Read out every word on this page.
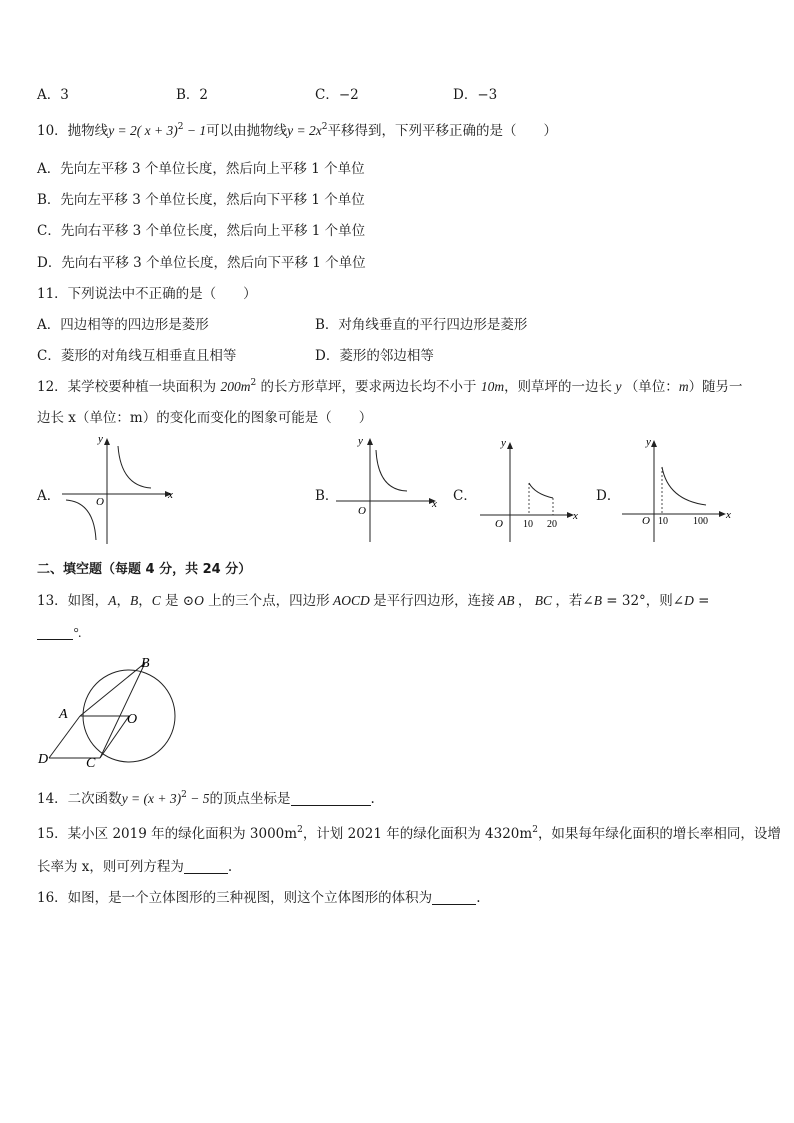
A．3	B．2	C．−2	D．−3
10．抛物线y = 2( x + 3)$^2$ − 1可以由抛物线$y = 2x^2$平移得到，下列平移正确的是（　　）
A．先向左平移 3 个单位长度，然后向上平移 1 个单位
B．先向左平移 3 个单位长度，然后向下平移 1 个单位
C．先向右平移 3 个单位长度，然后向上平移 1 个单位
D．先向右平移 3 个单位长度，然后向下平移 1 个单位
11．下列说法中不正确的是（　　）
A．四边相等的四边形是菱形	B．对角线垂直的平行四边形是菱形
C．菱形的对角线互相垂直且相等	D．菱形的邻边相等
12．某学校要种植一块面积为 $200m^2$ 的长方形草坪，要求两边长均不小于 10m，则草坪的一边长 y （单位：m）随另一
边长 x（单位：m）的变化而变化的图象可能是（　　）
A．	x
y
O	B．	x
y
O
C．
x
y
O 10 20
D．
x
y
O 10	100
二、填空题（每题 4 分，共 24 分）
13．如图，A，B，C 是 ⊙O 上的三个点，四边形 AOCD 是平行四边形，连接 AB ， BC ，若∠B = 32°，则∠D =
°.
B
A	O
D	C
14．二次函数$y = (x + 3)^2 - 5$的顶点坐标是	.
15．某小区 2019 年的绿化面积为 $3000m^2$，计划 2021 年的绿化面积为 $4320m^2$，如果每年绿化面积的增长率相同，设增
长率为 x，则可列方程为	.
16．如图，是一个立体图形的三种视图，则这个立体图形的体积为	.
